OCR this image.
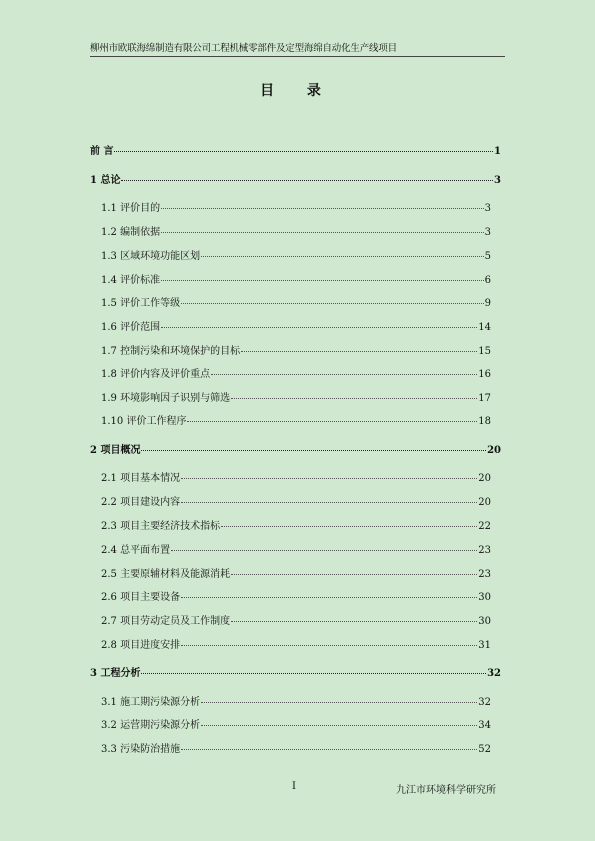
柳州市欧联海绵制造有限公司工程机械零部件及定型海绵自动化生产线项目
目 录
前 言	1
1 总论	3
1.1 评价目的	3
1.2 编制依据	3
1.3 区域环境功能区划	5
1.4 评价标准	6
1.5 评价工作等级	9
1.6 评价范围	14
1.7 控制污染和环境保护的目标	15
1.8 评价内容及评价重点	16
1.9 环境影响因子识别与筛选	17
1.10 评价工作程序	18
2 项目概况	20
2.1 项目基本情况	20
2.2 项目建设内容	20
2.3 项目主要经济技术指标	22
2.4 总平面布置	23
2.5 主要原辅材料及能源消耗	23
2.6 项目主要设备	30
2.7 项目劳动定员及工作制度	30
2.8 项目进度安排	31
3 工程分析	32
3.1 施工期污染源分析	32
3.2 运营期污染源分析	34
3.3 污染防治措施	52
I	九江市环境科学研究所
